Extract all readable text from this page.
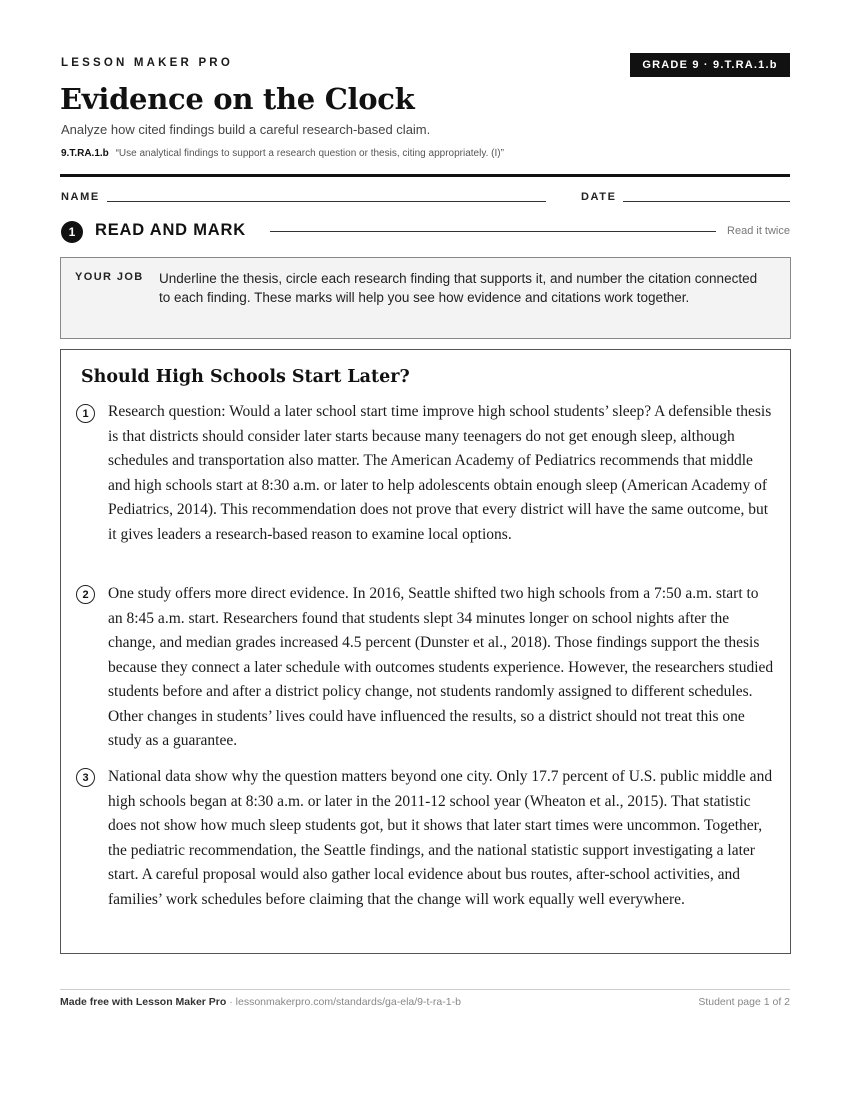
LESSON MAKER PRO	GRADE 9 · 9.T.RA.1.b
Evidence on the Clock
Analyze how cited findings build a careful research-based claim.
9.T.RA.1.b “Use analytical findings to support a research question or thesis, citing appropriately. (I)”
NAME	DATE
1	READ AND MARK	Read it twice
YOUR JOB Underline the thesis, circle each research finding that supports it, and number the citation connected to each finding. These marks will help you see how evidence and citations work together.
Should High Schools Start Later?
1	Research question: Would a later school start time improve high school students’ sleep? A defensible thesis is that districts should consider later starts because many teenagers do not get enough sleep, although schedules and transportation also matter. The American Academy of Pediatrics recommends that middle and high schools start at 8:30 a.m. or later to help adolescents obtain enough sleep (American Academy of Pediatrics, 2014). This recommendation does not prove that every district will have the same outcome, but it gives leaders a research-based reason to examine local options.
2	One study offers more direct evidence. In 2016, Seattle shifted two high schools from a 7:50 a.m. start to an 8:45 a.m. start. Researchers found that students slept 34 minutes longer on school nights after the change, and median grades increased 4.5 percent (Dunster et al., 2018). Those findings support the thesis because they connect a later schedule with outcomes students experience. However, the researchers studied students before and after a district policy change, not students randomly assigned to different schedules. Other changes in students’ lives could have influenced the results, so a district should not treat this one study as a guarantee.
3	National data show why the question matters beyond one city. Only 17.7 percent of U.S. public middle and high schools began at 8:30 a.m. or later in the 2011-12 school year (Wheaton et al., 2015). That statistic does not show how much sleep students got, but it shows that later start times were uncommon. Together, the pediatric recommendation, the Seattle findings, and the national statistic support investigating a later start. A careful proposal would also gather local evidence about bus routes, after-school activities, and families’ work schedules before claiming that the change will work equally well everywhere.
Made free with Lesson Maker Pro · lessonmakerpro.com/standards/ga-ela/9-t-ra-1-b	Student page 1 of 2
